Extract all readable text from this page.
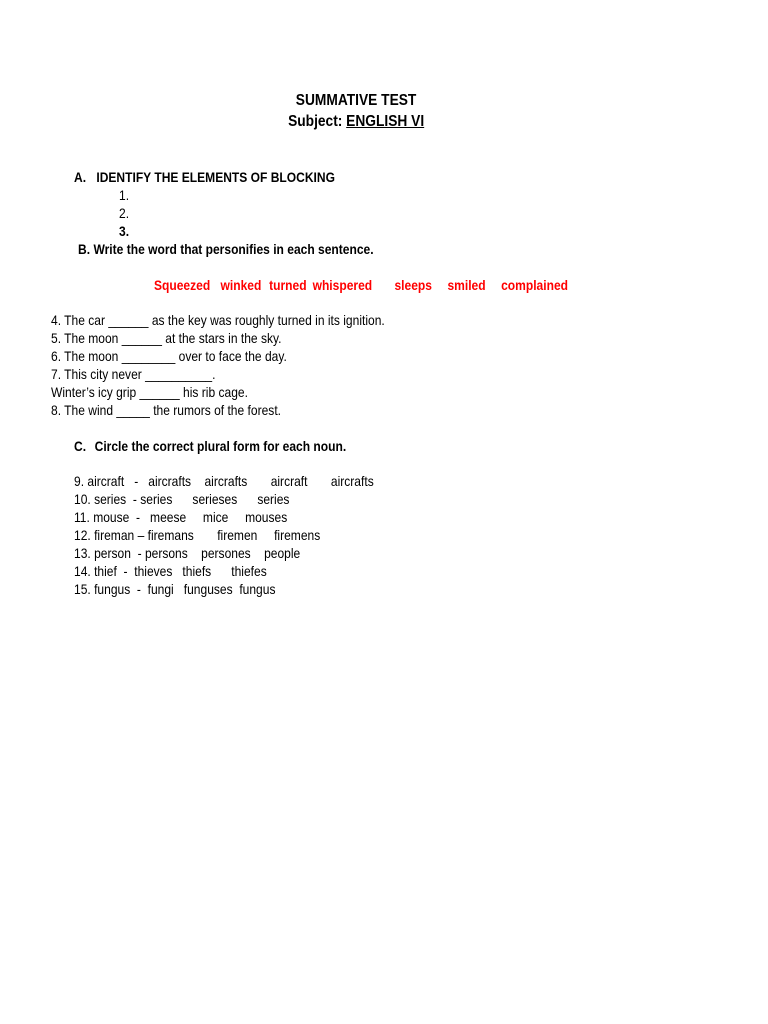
SUMMATIVE TEST
Subject: ENGLISH VI

A. IDENTIFY THE ELEMENTS OF BLOCKING

1.

2.

3.

B. Write the word that personifies in each sentence.

Squeezed winked turned whispered sleeps smiled complained

4. The car ______ as the key was roughly turned in its ignition.

5. The moon ______ at the stars in the sky.

6. The moon ________ over to face the day.

7. This city never __________.

Winter’s icy grip ______ his rib cage.

8. The wind _____ the rumors of the forest.

C. Circle the correct plural form for each noun.

9. aircraft   -   aircrafts    aircrafts       aircraft       aircrafts

10. series  - series      serieses      series

11. mouse  -   meese     mice     mouses

12. fireman – firemans       firemen     firemens

13. person  - persons    persones    people

14. thief  -  thieves   thiefs      thiefes

15. fungus  -  fungi   funguses  fungus
